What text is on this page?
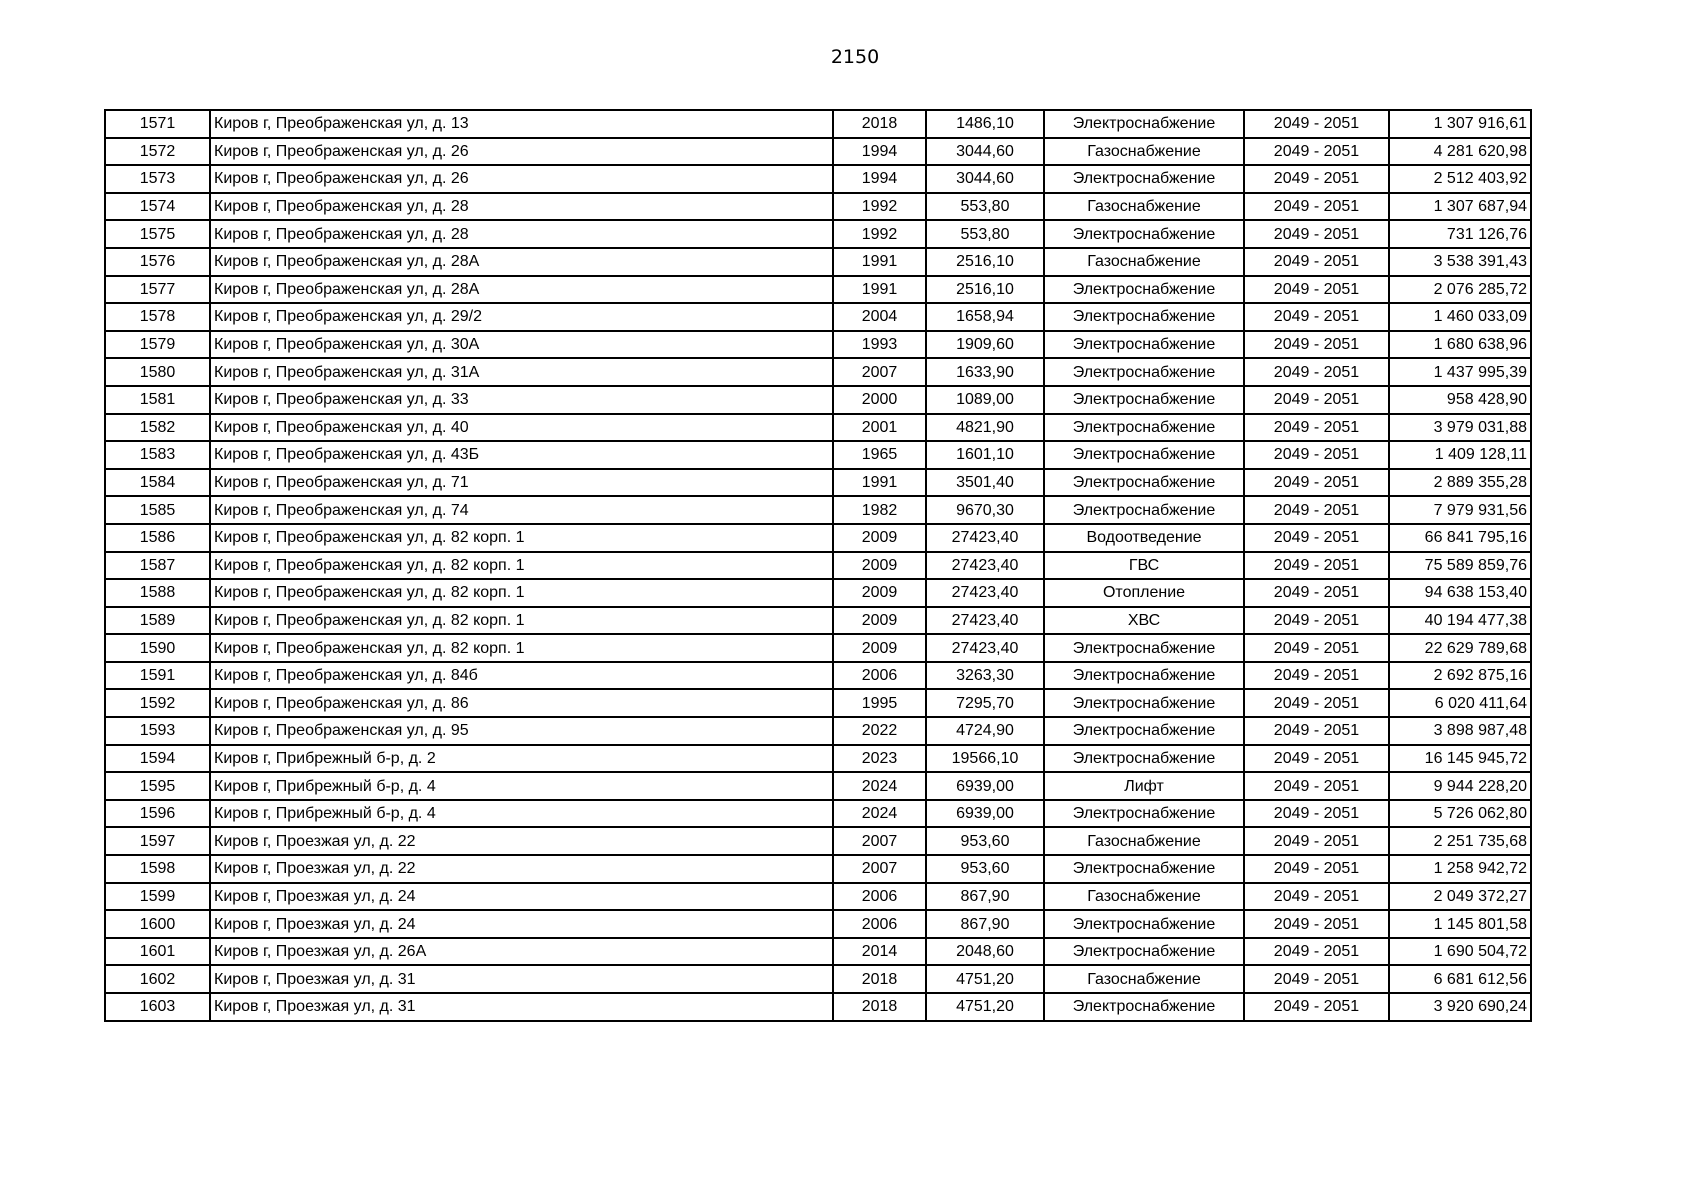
2150
1571	Киров г, Преображенская ул, д. 13	2018	1486,10	Электроснабжение	2049 - 2051	1 307 916,61
1572	Киров г, Преображенская ул, д. 26	1994	3044,60	Газоснабжение	2049 - 2051	4 281 620,98
1573	Киров г, Преображенская ул, д. 26	1994	3044,60	Электроснабжение	2049 - 2051	2 512 403,92
1574	Киров г, Преображенская ул, д. 28	1992	553,80	Газоснабжение	2049 - 2051	1 307 687,94
1575	Киров г, Преображенская ул, д. 28	1992	553,80	Электроснабжение	2049 - 2051	731 126,76
1576	Киров г, Преображенская ул, д. 28А	1991	2516,10	Газоснабжение	2049 - 2051	3 538 391,43
1577	Киров г, Преображенская ул, д. 28А	1991	2516,10	Электроснабжение	2049 - 2051	2 076 285,72
1578	Киров г, Преображенская ул, д. 29/2	2004	1658,94	Электроснабжение	2049 - 2051	1 460 033,09
1579	Киров г, Преображенская ул, д. 30А	1993	1909,60	Электроснабжение	2049 - 2051	1 680 638,96
1580	Киров г, Преображенская ул, д. 31А	2007	1633,90	Электроснабжение	2049 - 2051	1 437 995,39
1581	Киров г, Преображенская ул, д. 33	2000	1089,00	Электроснабжение	2049 - 2051	958 428,90
1582	Киров г, Преображенская ул, д. 40	2001	4821,90	Электроснабжение	2049 - 2051	3 979 031,88
1583	Киров г, Преображенская ул, д. 43Б	1965	1601,10	Электроснабжение	2049 - 2051	1 409 128,11
1584	Киров г, Преображенская ул, д. 71	1991	3501,40	Электроснабжение	2049 - 2051	2 889 355,28
1585	Киров г, Преображенская ул, д. 74	1982	9670,30	Электроснабжение	2049 - 2051	7 979 931,56
1586	Киров г, Преображенская ул, д. 82 корп. 1	2009	27423,40	Водоотведение	2049 - 2051	66 841 795,16
1587	Киров г, Преображенская ул, д. 82 корп. 1	2009	27423,40	ГВС	2049 - 2051	75 589 859,76
1588	Киров г, Преображенская ул, д. 82 корп. 1	2009	27423,40	Отопление	2049 - 2051	94 638 153,40
1589	Киров г, Преображенская ул, д. 82 корп. 1	2009	27423,40	ХВС	2049 - 2051	40 194 477,38
1590	Киров г, Преображенская ул, д. 82 корп. 1	2009	27423,40	Электроснабжение	2049 - 2051	22 629 789,68
1591	Киров г, Преображенская ул, д. 84б	2006	3263,30	Электроснабжение	2049 - 2051	2 692 875,16
1592	Киров г, Преображенская ул, д. 86	1995	7295,70	Электроснабжение	2049 - 2051	6 020 411,64
1593	Киров г, Преображенская ул, д. 95	2022	4724,90	Электроснабжение	2049 - 2051	3 898 987,48
1594	Киров г, Прибрежный б-р, д. 2	2023	19566,10	Электроснабжение	2049 - 2051	16 145 945,72
1595	Киров г, Прибрежный б-р, д. 4	2024	6939,00	Лифт	2049 - 2051	9 944 228,20
1596	Киров г, Прибрежный б-р, д. 4	2024	6939,00	Электроснабжение	2049 - 2051	5 726 062,80
1597	Киров г, Проезжая ул, д. 22	2007	953,60	Газоснабжение	2049 - 2051	2 251 735,68
1598	Киров г, Проезжая ул, д. 22	2007	953,60	Электроснабжение	2049 - 2051	1 258 942,72
1599	Киров г, Проезжая ул, д. 24	2006	867,90	Газоснабжение	2049 - 2051	2 049 372,27
1600	Киров г, Проезжая ул, д. 24	2006	867,90	Электроснабжение	2049 - 2051	1 145 801,58
1601	Киров г, Проезжая ул, д. 26А	2014	2048,60	Электроснабжение	2049 - 2051	1 690 504,72
1602	Киров г, Проезжая ул, д. 31	2018	4751,20	Газоснабжение	2049 - 2051	6 681 612,56
1603	Киров г, Проезжая ул, д. 31	2018	4751,20	Электроснабжение	2049 - 2051	3 920 690,24
